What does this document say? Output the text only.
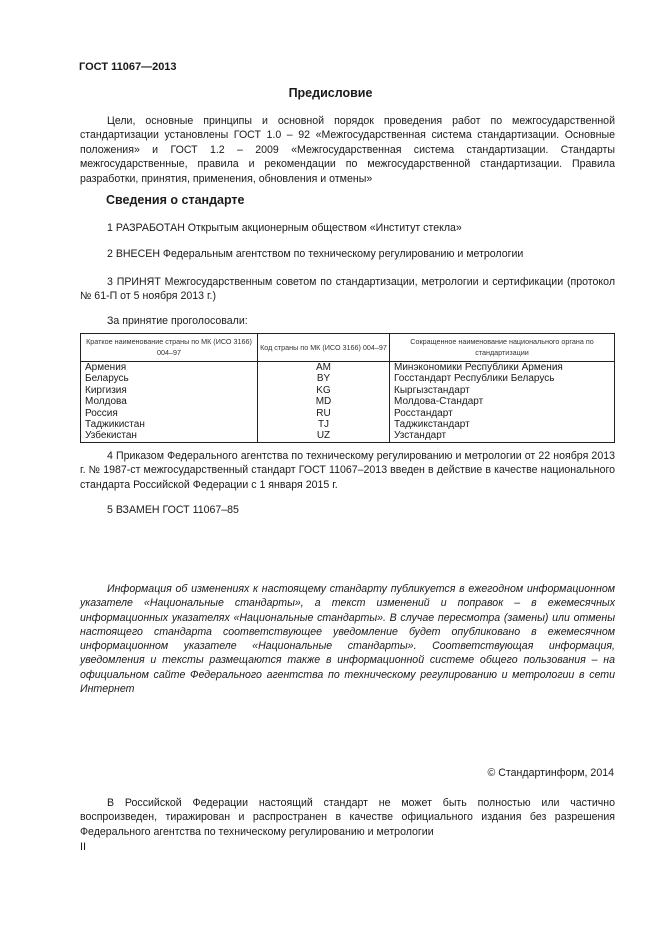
ГОСТ 11067—2013
Предисловие
Цели, основные принципы и основной порядок проведения работ по межгосударственной стандартизации установлены ГОСТ 1.0 – 92 «Межгосударственная система стандартизации. Основные положения» и ГОСТ 1.2 – 2009 «Межгосударственная система стандартизации. Стандарты межгосударственные, правила и рекомендации по межгосударственной стандартизации. Правила разработки, принятия, применения, обновления и отмены»
Сведения о стандарте
1 РАЗРАБОТАН Открытым акционерным обществом «Институт стекла»
2 ВНЕСЕН Федеральным агентством по техническому регулированию и метрологии
3 ПРИНЯТ Межгосударственным советом по стандартизации, метрологии и сертификации (протокол № 61-П от 5 ноября 2013 г.)
За принятие проголосовали:
Краткое наименование страны по МК (ИСО 3166) 004–97	Код страны по МК (ИСО 3166) 004–97	Сокращенное наименование национального органа по стандартизации
Армения	AM	Минэкономики Республики Армения
Беларусь	BY	Госстандарт Республики Беларусь
Киргизия	KG	Кыргызстандарт
Молдова	MD	Молдова-Стандарт
Россия	RU	Росстандарт
Таджикистан	TJ	Таджикстандарт
Узбекистан	UZ	Узстандарт
4 Приказом Федерального агентства по техническому регулированию и метрологии от 22 ноября 2013 г. № 1987-ст межгосударственный стандарт ГОСТ 11067–2013 введен в действие в качестве национального стандарта Российской Федерации с 1 января 2015 г.
5 ВЗАМЕН ГОСТ 11067–85
Информация об изменениях к настоящему стандарту публикуется в ежегодном информационном указателе «Национальные стандарты», а текст изменений и поправок – в ежемесячных информационных указателях «Национальные стандарты». В случае пересмотра (замены) или отмены настоящего стандарта соответствующее уведомление будет опубликовано в ежемесячном информационном указателе «Национальные стандарты». Соответствующая информация, уведомления и тексты размещаются также в информационной системе общего пользования – на официальном сайте Федерального агентства по техническому регулированию и метрологии в сети Интернет
© Стандартинформ, 2014
В Российской Федерации настоящий стандарт не может быть полностью или частично воспроизведен, тиражирован и распространен в качестве официального издания без разрешения Федерального агентства по техническому регулированию и метрологии
II
